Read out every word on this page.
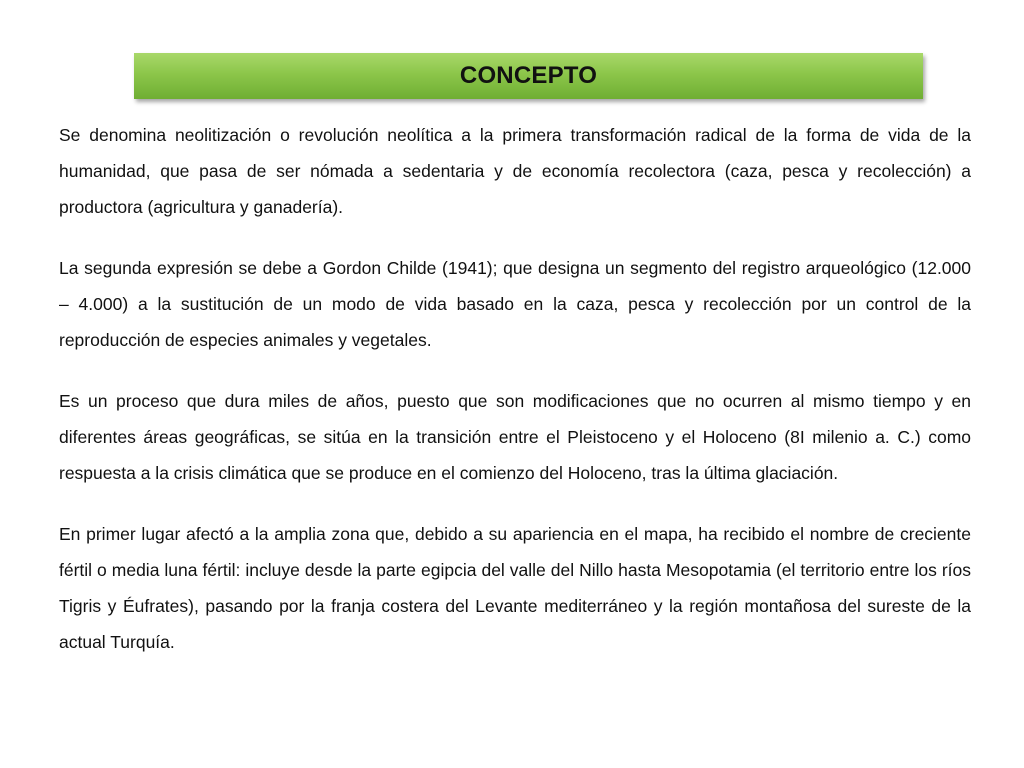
CONCEPTO

Se denomina neolitización o revolución neolítica a la primera transformación radical de la forma de vida de la humanidad, que pasa de ser nómada a sedentaria y de economía recolectora (caza, pesca y recolección) a productora (agricultura y ganadería).

La segunda expresión se debe a Gordon Childe (1941); que designa un segmento del registro arqueológico (12.000 – 4.000) a la sustitución de un modo de vida basado en la caza, pesca y recolección por un control de la reproducción de especies animales y vegetales.

Es un proceso que dura miles de años, puesto que son modificaciones que no ocurren al mismo tiempo y en diferentes áreas geográficas, se sitúa en la transición entre el Pleistoceno y el Holoceno (8I milenio a. C.) como respuesta a la crisis climática que se produce en el comienzo del Holoceno, tras la última glaciación.

En primer lugar afectó a la amplia zona que, debido a su apariencia en el mapa, ha recibido el nombre de creciente fértil o media luna fértil: incluye desde la parte egipcia del valle del Nillo hasta Mesopotamia (el territorio entre los ríos Tigris y Éufrates), pasando por la franja costera del Levante mediterráneo y la región montañosa del sureste de la actual Turquía.
